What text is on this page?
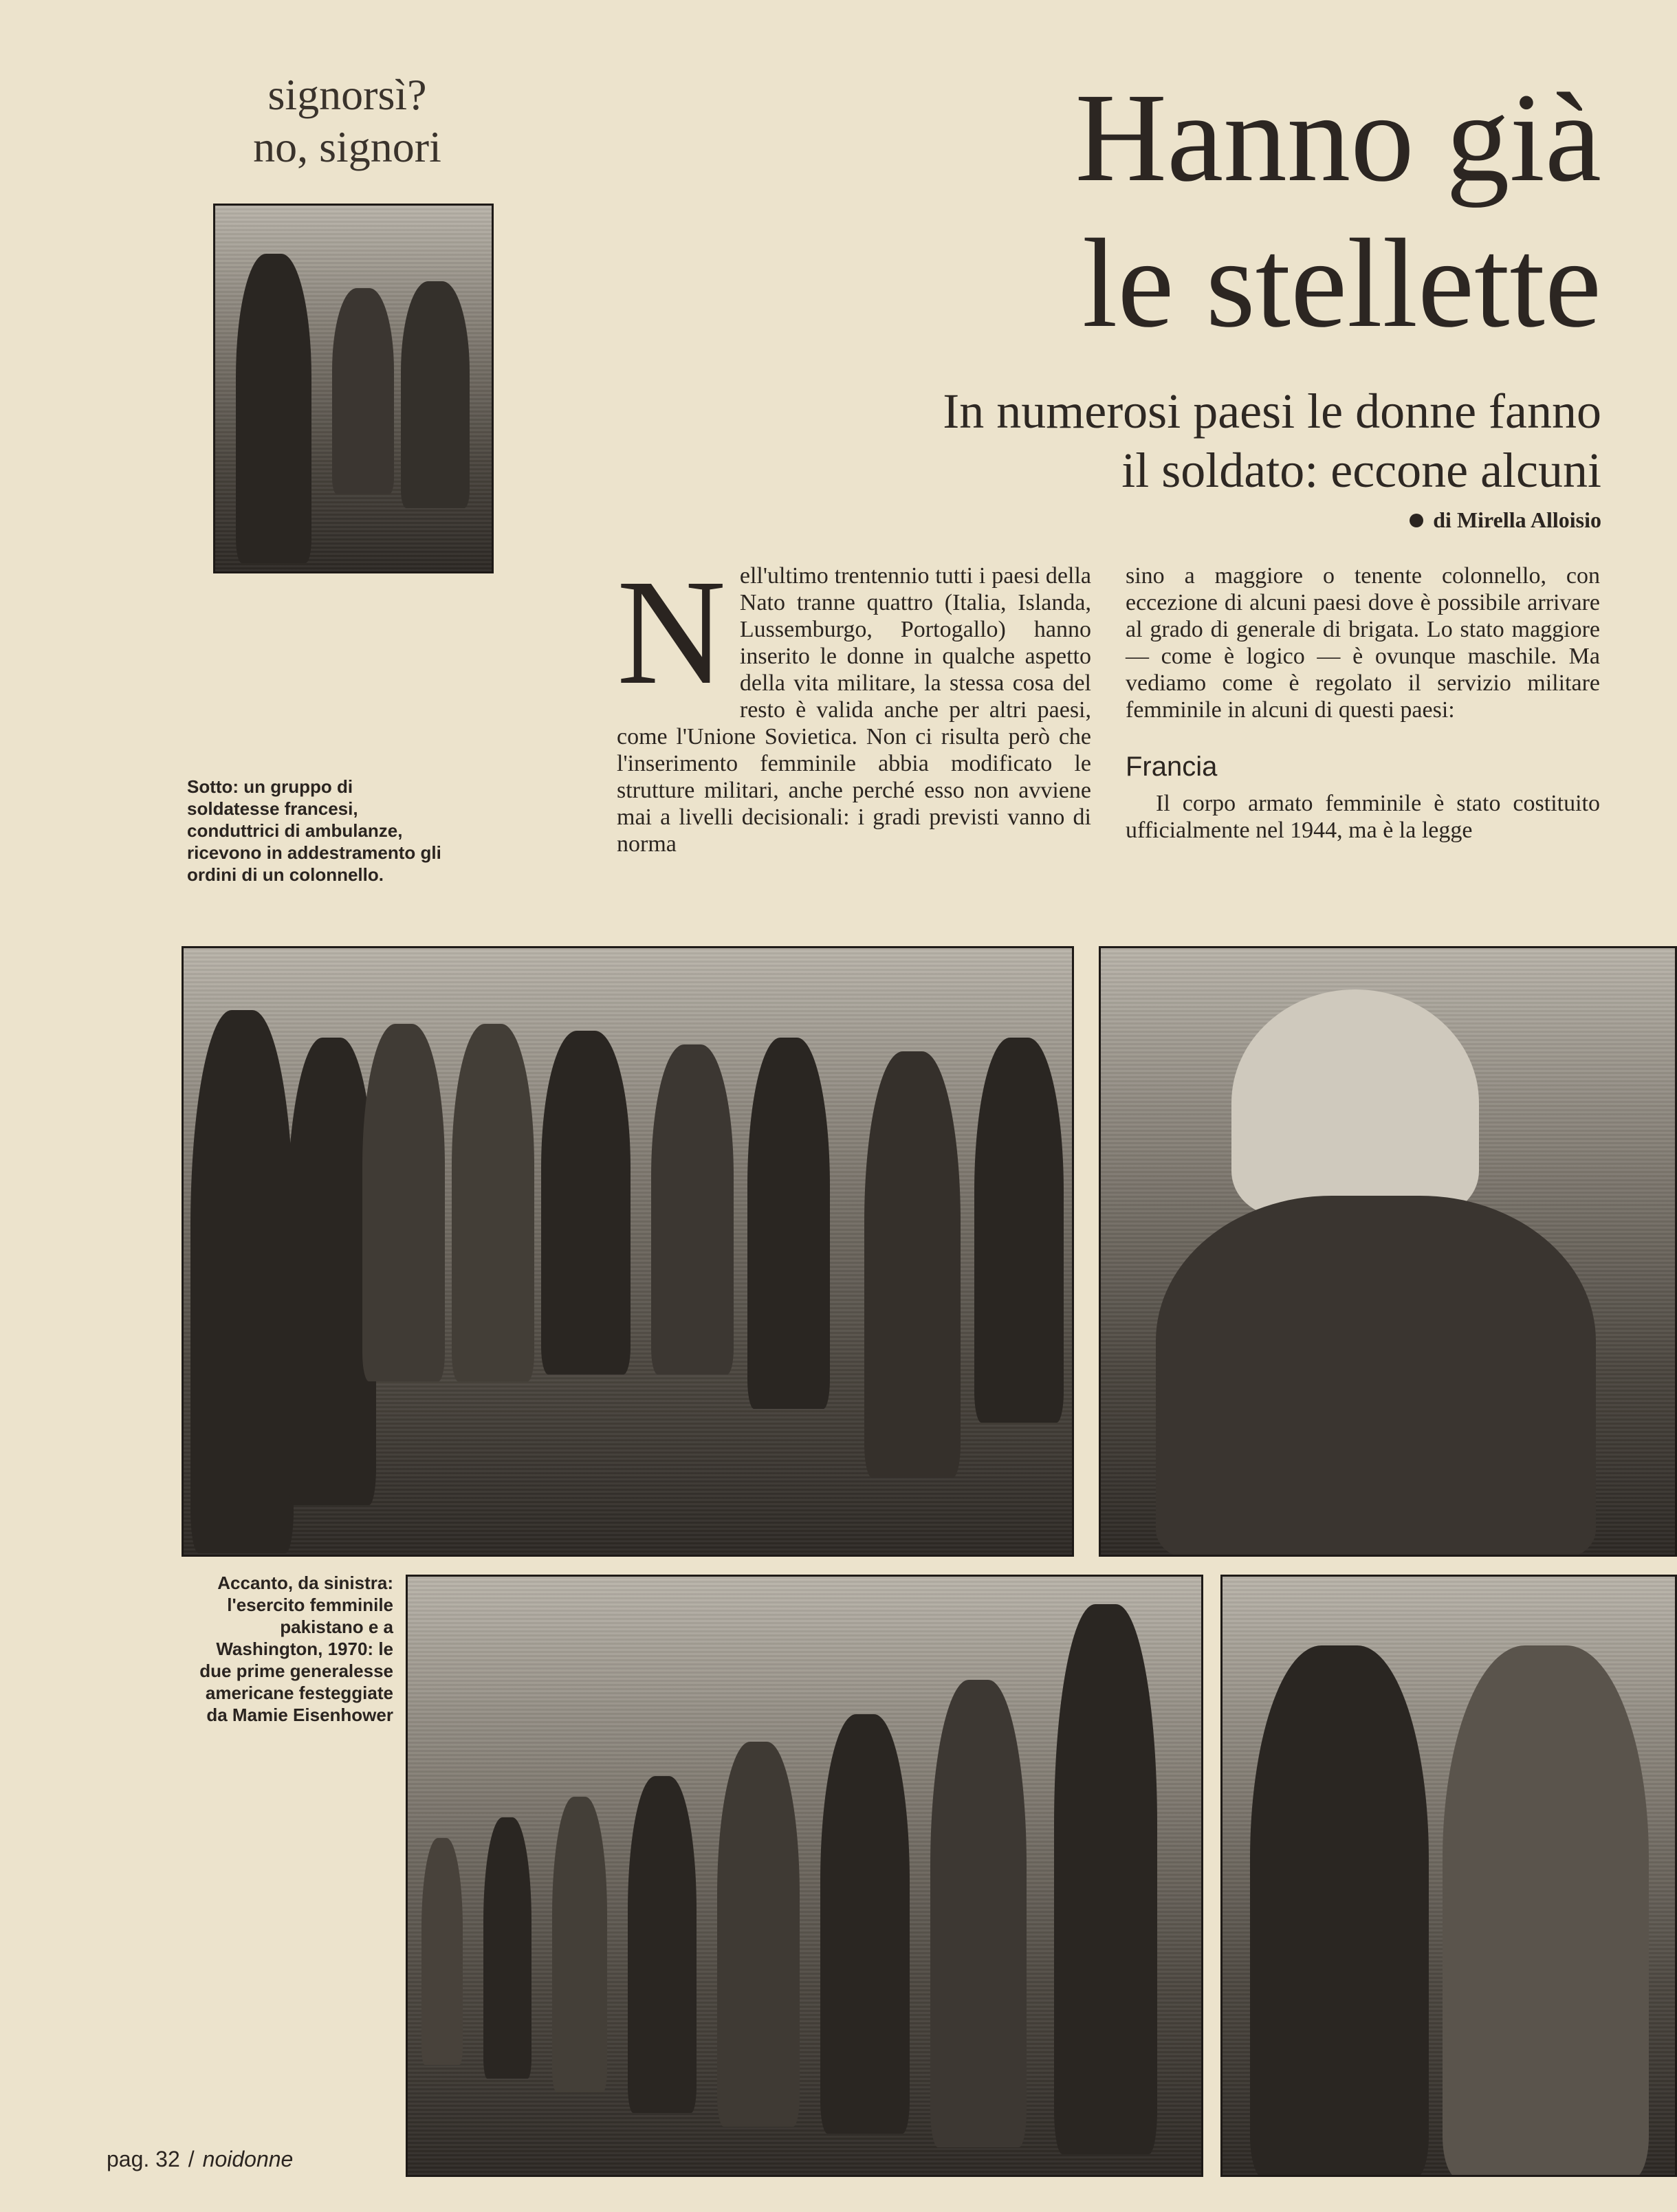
signorsì?
no, signori	Hanno già
le stellette
In numerosi paesi le donne fanno
il soldato: eccone alcuni
di Mirella Alloisio
Sotto: un gruppo di soldatesse francesi, conduttrici di ambulanze, ricevono in addestramento gli ordini di un colonnello.
Nell'ultimo trentennio tutti i paesi della Nato tranne quattro (Italia, Islanda, Lussemburgo, Portogallo) hanno inserito le donne in qualche aspetto della vita militare, la stessa cosa del resto è valida anche per altri paesi, come l'Unione Sovietica. Non ci risulta però che l'inserimento femminile abbia modificato le strutture militari, anche perché esso non avviene mai a livelli decisionali: i gradi previsti vanno di norma
sino a maggiore o tenente colonnello, con eccezione di alcuni paesi dove è possibile arrivare al grado di generale di brigata. Lo stato maggiore — come è logico — è ovunque maschile. Ma vediamo come è regolato il servizio militare femminile in alcuni di questi paesi:
Francia
Il corpo armato femminile è stato costituito ufficialmente nel 1944, ma è la legge
Accanto, da sinistra: l'esercito femminile pakistano e a Washington, 1970: le due prime generalesse americane festeggiate da Mamie Eisenhower
pag. 32 / noidonne
